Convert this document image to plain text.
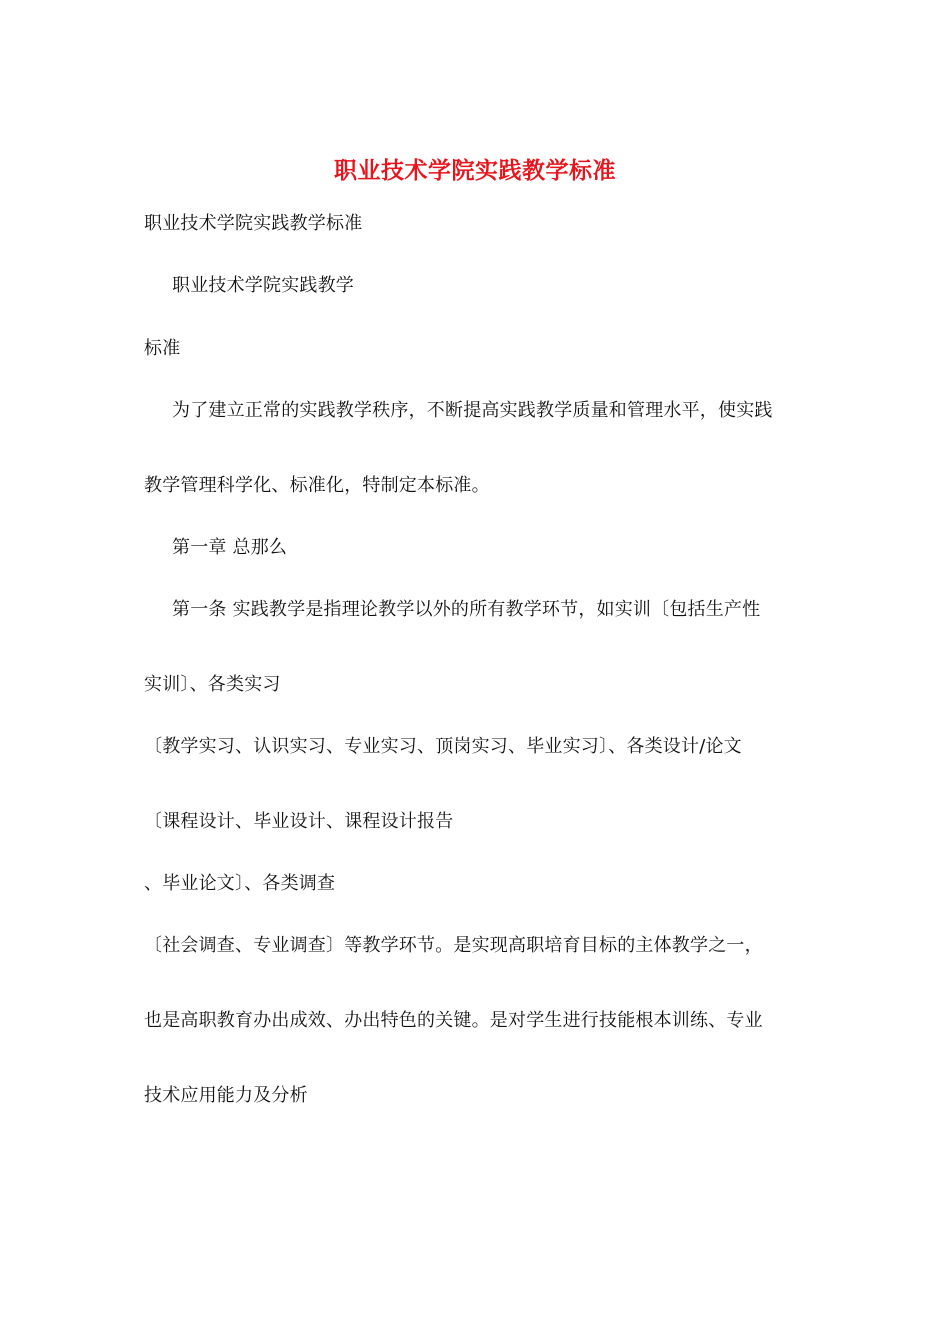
职业技术学院实践教学标准
职业技术学院实践教学标准
职业技术学院实践教学
标准
为了建立正常的实践教学秩序，不断提高实践教学质量和管理水平，使实践
教学管理科学化、标准化，特制定本标准。
第一章 总那么
第一条 实践教学是指理论教学以外的所有教学环节，如实训〔包括生产性
实训〕、各类实习
〔教学实习、认识实习、专业实习、顶岗实习、毕业实习〕、各类设计/论文
〔课程设计、毕业设计、课程设计报告
、毕业论文〕、各类调查
〔社会调查、专业调查〕等教学环节。是实现高职培育目标的主体教学之一，
也是高职教育办出成效、办出特色的关键。是对学生进行技能根本训练、专业
技术应用能力及分析
